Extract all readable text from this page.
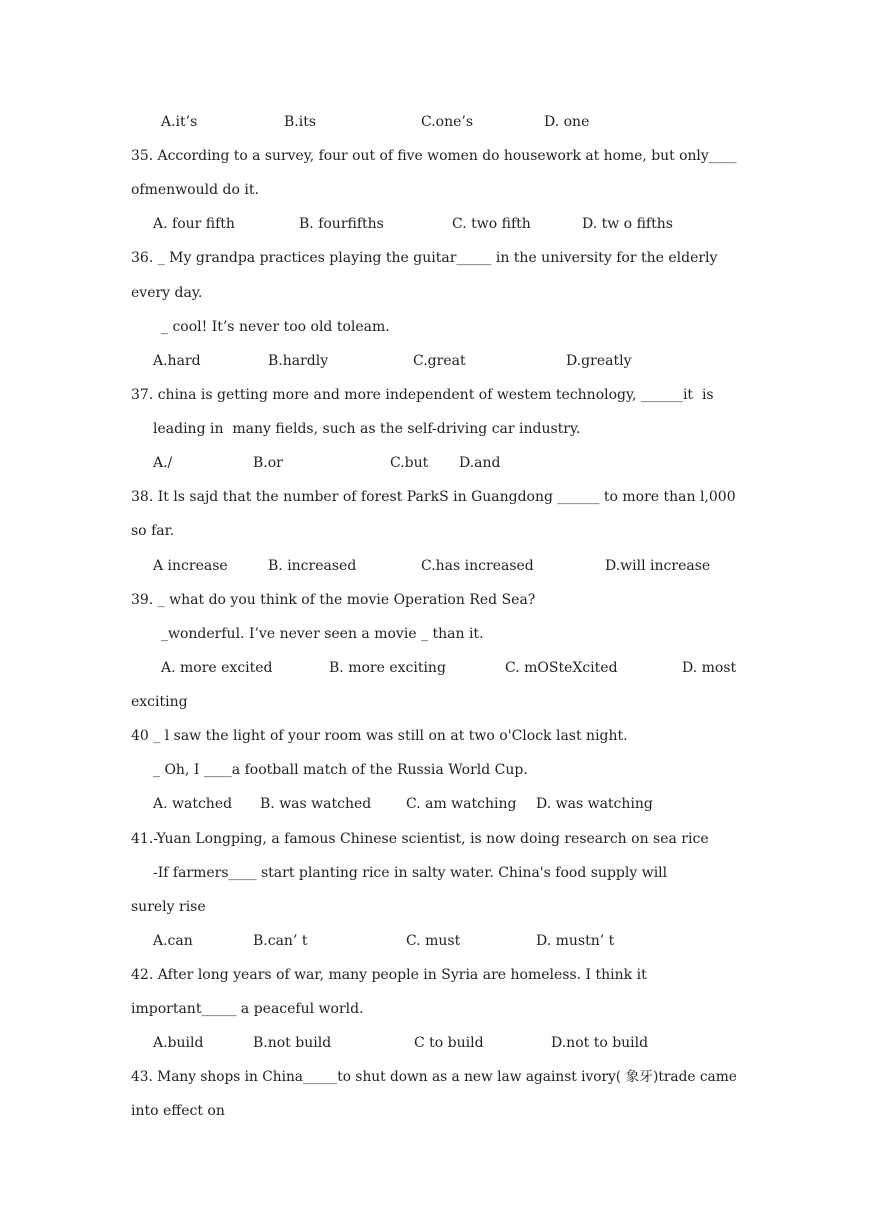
A.it’s

	B.its

	C.one’s

	D. one

35. According to a survey, four out of five women do housework at home, but only____
ofmenwould do it.

A. four fifth

	B. fourfifths

	C. two fifth

	D. tw o fifths

36. _ My grandpa practices playing the guitar_____ in the university for the elderly
every day.
_ cool! It’s never too old toleam.

A.hard

	B.hardly

	C.great

	D.greatly

37. china is getting more and more independent of westem technology, ______it  is
leading in  many fields, such as the self-driving car industry.

A./

	B.or

	C.but

D.and

38. It ls sajd that the number of forest ParkS in Guangdong ______ to more than l,000
so far.

A increase

	B. increased

	C.has increased

	D.will increase

39. _ what do you think of the movie Operation Red Sea?
_wonderful. I’ve never seen a movie _ than it.

A. more excited

	B. more exciting

	C. mOSteXcited

	D. most

exciting
40 _ l saw the light of your room was still on at two o'Clock last night.
_ Oh, I ____a football match of the Russia World Cup.

A. watched

B. was watched

C. am watching

D. was watching

41.-Yuan Longping, a famous Chinese scientist, is now doing research on sea rice
-If farmers____ start planting rice in salty water. China's food supply will
surely rise

A.can

	B.can’ t

	C. must

	D. mustn’ t

42. After long years of war, many people in Syria are homeless. I think it
important_____ a peaceful world.

A.build

	B.not build

	C to build

	D.not to build

43. Many shops in China_____to shut down as a new law against ivory( 象牙)trade came
into effect on
